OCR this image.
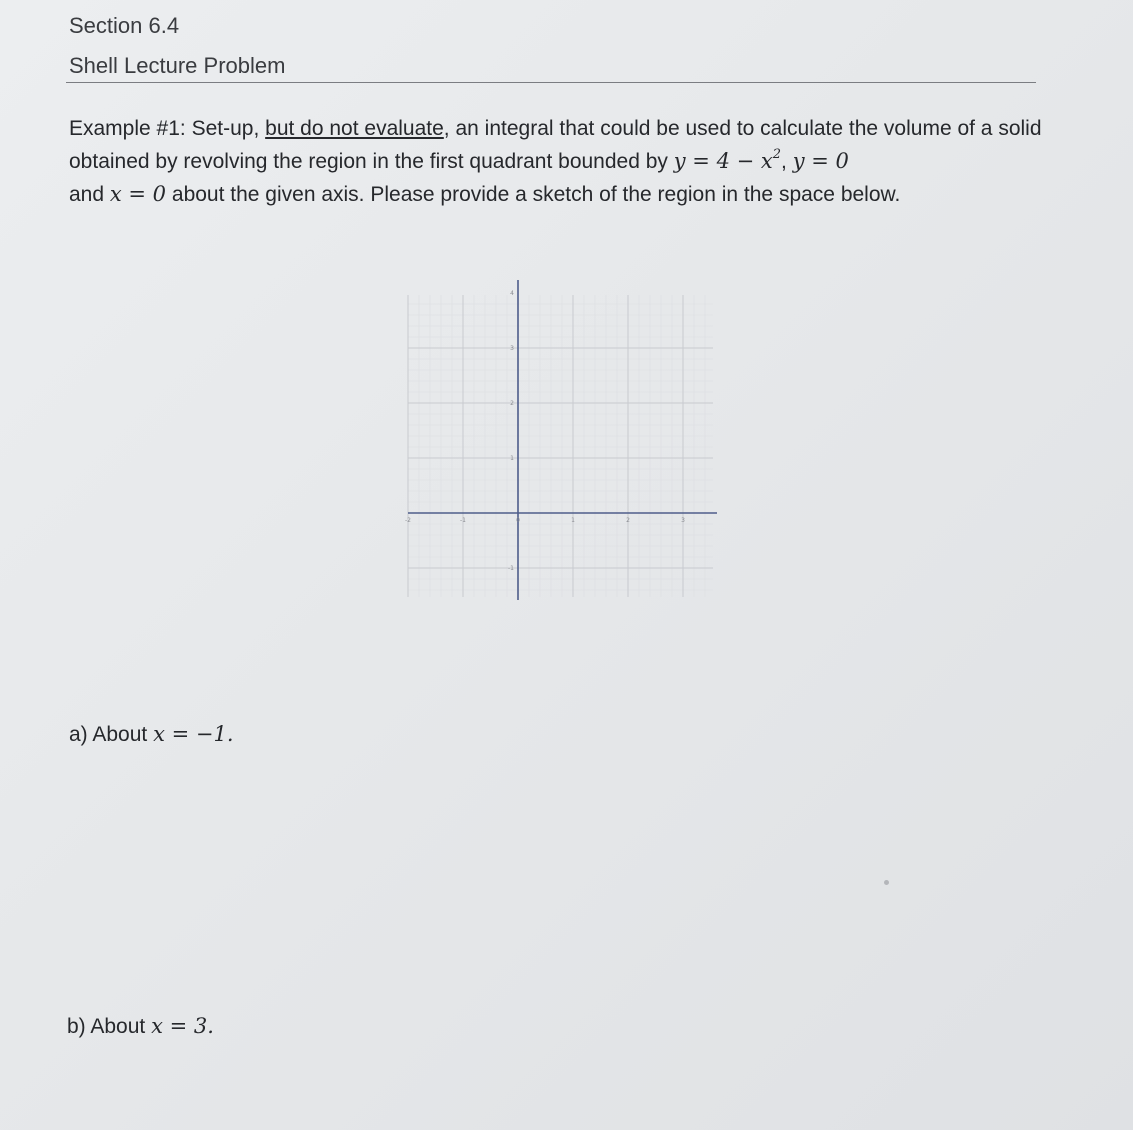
Section 6.4
Shell Lecture Problem
Example #1: Set-up, but do not evaluate, an integral that could be used to calculate the volume of a solid obtained by revolving the region in the first quadrant bounded by $y = 4 - x^2$, y = 0
and x = 0 about the given axis. Please provide a sketch of the region in the space below.
-2	-1	0	1	2	3
4
3
2
1
-1
a) About x = −1.
b) About x = 3.
